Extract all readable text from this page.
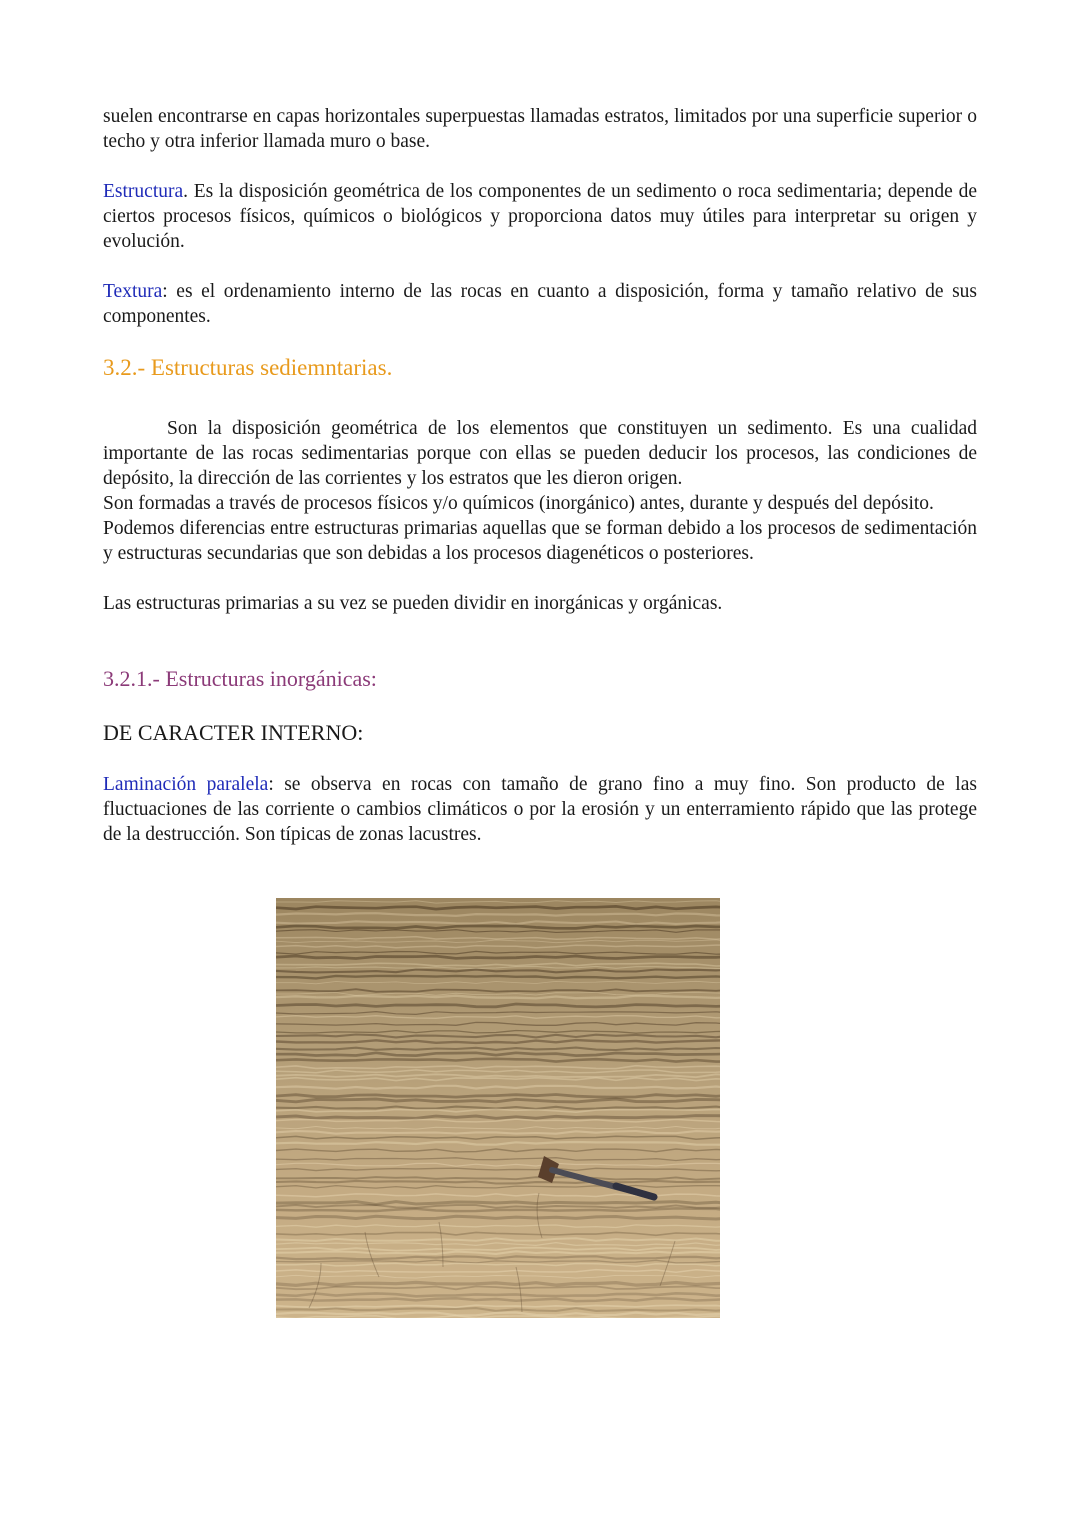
suelen encontrarse en capas horizontales superpuestas llamadas estratos, limitados por una superficie superior o techo y otra inferior llamada muro o base.

Estructura. Es la disposición geométrica de los componentes de un sedimento o roca sedimentaria; depende de ciertos procesos físicos, químicos o biológicos y proporciona datos muy útiles para interpretar su origen y evolución.

Textura: es el ordenamiento interno de las rocas en cuanto a disposición, forma y tamaño relativo de sus componentes.

3.2.- Estructuras sediemntarias.

Son la disposición geométrica de los elementos que constituyen un sedimento. Es una cualidad importante de las rocas sedimentarias porque con ellas se pueden deducir los procesos, las condiciones de depósito, la dirección de las corrientes y los estratos que les dieron origen.

Son formadas a través de procesos físicos y/o químicos (inorgánico) antes, durante y después del depósito.

Podemos diferencias entre estructuras primarias aquellas que se forman debido a los procesos de sedimentación y estructuras secundarias que son debidas a los procesos diagenéticos o posteriores.

Las estructuras primarias a su vez se pueden dividir en inorgánicas y orgánicas.

3.2.1.- Estructuras inorgánicas:
DE CARACTER INTERNO:

Laminación paralela: se observa en rocas con tamaño de grano fino a muy fino. Son producto de las fluctuaciones de las corriente o cambios climáticos o por la erosión y un enterramiento rápido que las protege de la destrucción. Son típicas de zonas lacustres.
